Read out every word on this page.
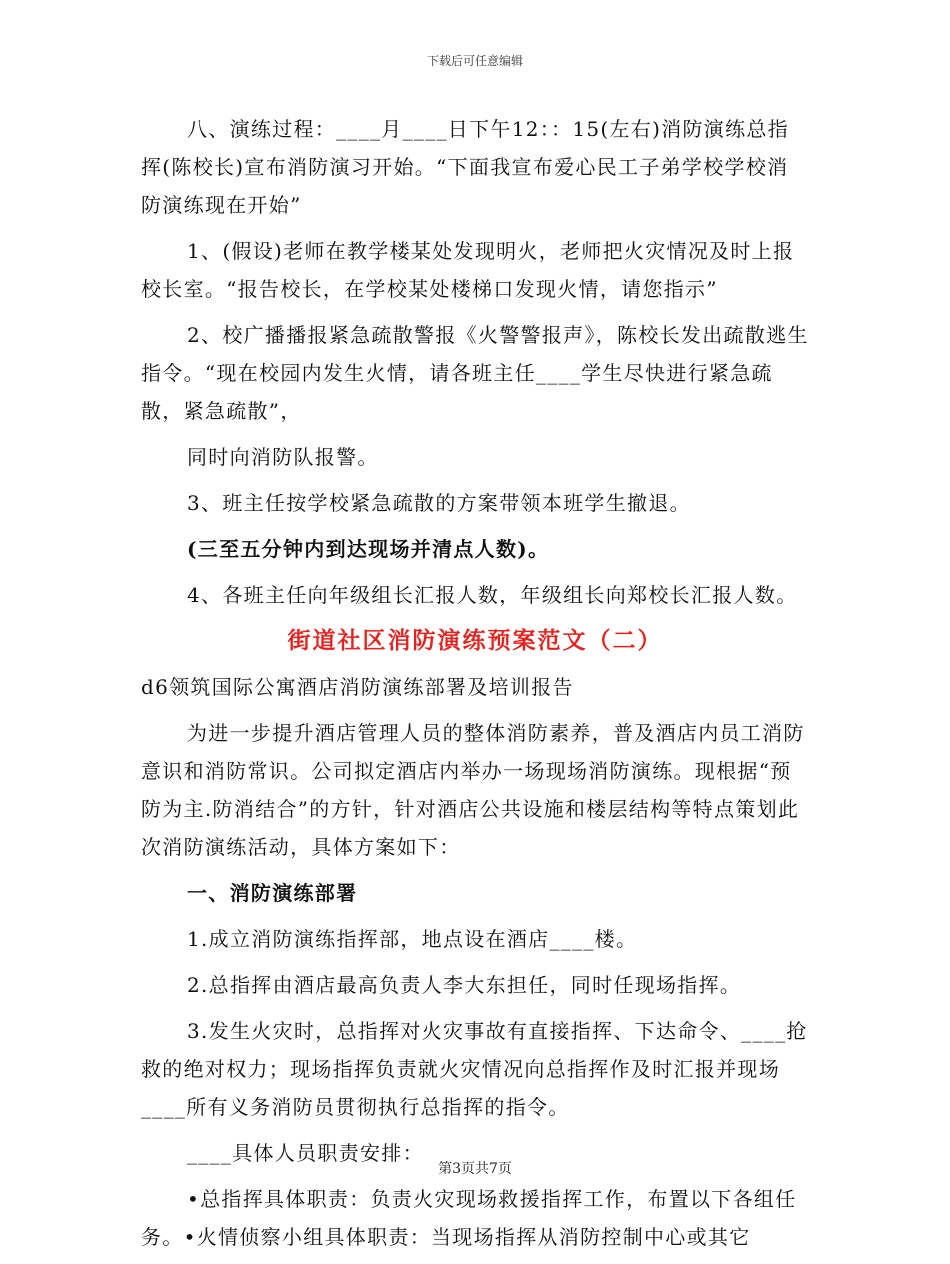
下载后可任意编辑

八、演练过程：____月____日下午12：：15(左右)消防演练总指挥(陈校长)宣布消防演习开始。“下面我宣布爱心民工子弟学校学校消防演练现在开始”

1、(假设)老师在教学楼某处发现明火，老师把火灾情况及时上报校长室。“报告校长，在学校某处楼梯口发现火情，请您指示”

2、校广播播报紧急疏散警报《火警警报声》，陈校长发出疏散逃生指令。“现在校园内发生火情，请各班主任____学生尽快进行紧急疏散，紧急疏散”，

同时向消防队报警。

3、班主任按学校紧急疏散的方案带领本班学生撤退。

(三至五分钟内到达现场并清点人数)。

4、各班主任向年级组长汇报人数，年级组长向郑校长汇报人数。

街道社区消防演练预案范文（二）

d6领筑国际公寓酒店消防演练部署及培训报告

为进一步提升酒店管理人员的整体消防素养，普及酒店内员工消防意识和消防常识。公司拟定酒店内举办一场现场消防演练。现根据“预防为主.防消结合”的方针，针对酒店公共设施和楼层结构等特点策划此次消防演练活动，具体方案如下：

一、消防演练部署

1.成立消防演练指挥部，地点设在酒店____楼。

2.总指挥由酒店最高负责人李大东担任，同时任现场指挥。

3.发生火灾时，总指挥对火灾事故有直接指挥、下达命令、____抢救的绝对权力；现场指挥负责就火灾情况向总指挥作及时汇报并现场____所有义务消防员贯彻执行总指挥的指令。

____具体人员职责安排：

•总指挥具体职责：负责火灾现场救援指挥工作，布置以下各组任务。•火情侦察小组具体职责：当现场指挥从消防控制中心或其它

第3页共7页
